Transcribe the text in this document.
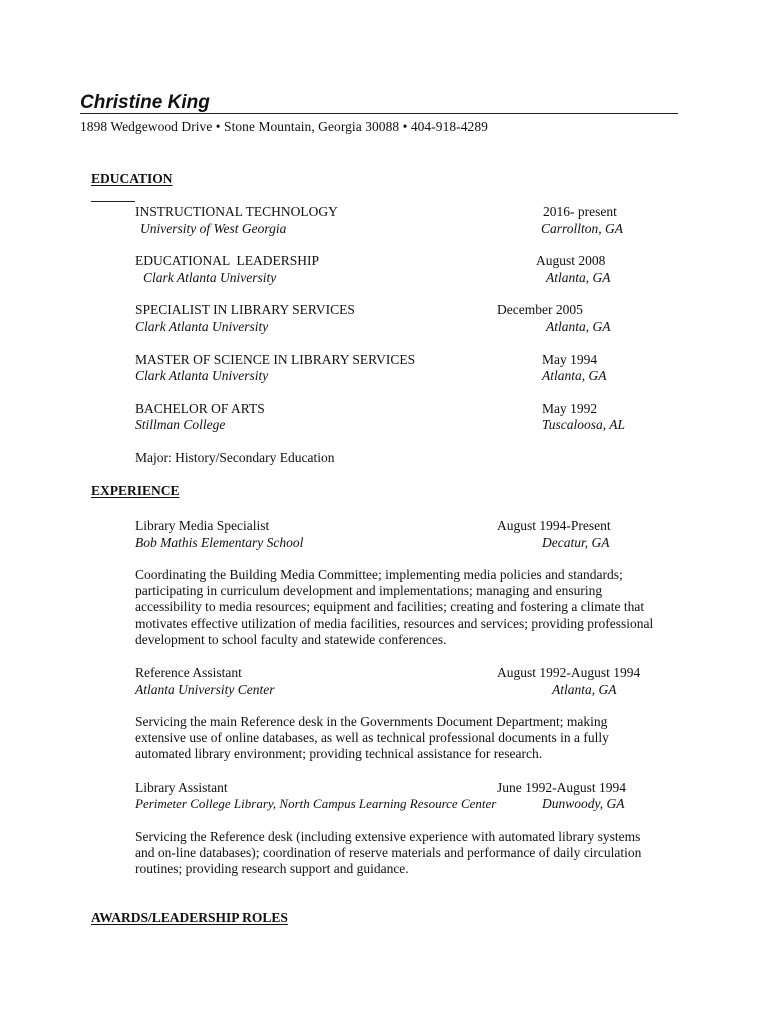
Christine King
1898 Wedgewood Drive • Stone Mountain, Georgia 30088 • 404-918-4289
EDUCATION
INSTRUCTIONAL TECHNOLOGY	2016- present
University of West Georgia	Carrollton, GA
EDUCATIONAL  LEADERSHIP	August 2008
Clark Atlanta University	Atlanta, GA
SPECIALIST IN LIBRARY SERVICES	December 2005
Clark Atlanta University	Atlanta, GA
MASTER OF SCIENCE IN LIBRARY SERVICES	May 1994
Clark Atlanta University	Atlanta, GA
BACHELOR OF ARTS	May 1992
Stillman College	Tuscaloosa, AL
Major: History/Secondary Education
EXPERIENCE
Library Media Specialist	August 1994-Present
Bob Mathis Elementary School	Decatur, GA
Coordinating the Building Media Committee; implementing media policies and standards; participating in curriculum development and implementations; managing and ensuring accessibility to media resources; equipment and facilities; creating and fostering a climate that motivates effective utilization of media facilities, resources and services; providing professional development to school faculty and statewide conferences.
Reference Assistant	August 1992-August 1994
Atlanta University Center	Atlanta, GA
Servicing the main Reference desk in the Governments Document Department; making extensive use of online databases, as well as technical professional documents in a fully automated library environment; providing technical assistance for research.
Library Assistant	June 1992-August 1994
Perimeter College Library, North Campus Learning Resource Center	Dunwoody, GA
Servicing the Reference desk (including extensive experience with automated library systems and on-line databases); coordination of reserve materials and performance of daily circulation routines; providing research support and guidance.
AWARDS/LEADERSHIP ROLES
